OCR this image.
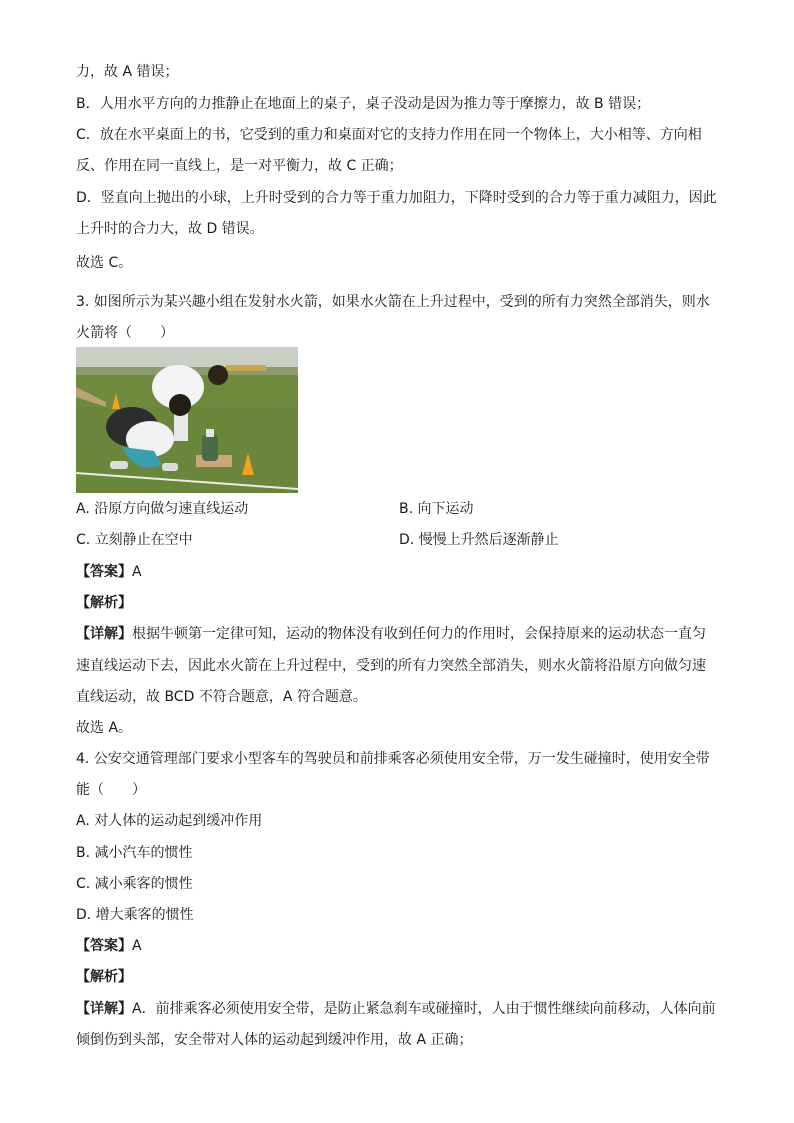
力，故 A 错误；
B．人用水平方向的力推静止在地面上的桌子，桌子没动是因为推力等于摩擦力，故 B 错误；
C．放在水平桌面上的书，它受到的重力和桌面对它的支持力作用在同一个物体上，大小相等、方向相
反、作用在同一直线上，是一对平衡力，故 C 正确；
D．竖直向上抛出的小球，上升时受到的合力等于重力加阻力，下降时受到的合力等于重力减阻力，因此
上升时的合力大，故 D 错误。
故选 C。
3. 如图所示为某兴趣小组在发射水火箭，如果水火箭在上升过程中，受到的所有力突然全部消失，则水
火箭将（　　）
A. 沿原方向做匀速直线运动	B. 向下运动
C. 立刻静止在空中	D. 慢慢上升然后逐渐静止
【答案】A
【解析】
【详解】根据牛顿第一定律可知，运动的物体没有收到任何力的作用时，会保持原来的运动状态一直匀
速直线运动下去，因此水火箭在上升过程中，受到的所有力突然全部消失，则水火箭将沿原方向做匀速
直线运动，故 BCD 不符合题意，A 符合题意。
故选 A。
4. 公安交通管理部门要求小型客车的驾驶员和前排乘客必须使用安全带，万一发生碰撞时，使用安全带
能（　　）
A. 对人体的运动起到缓冲作用
B. 减小汽车的惯性
C. 减小乘客的惯性
D. 增大乘客的惯性
【答案】A
【解析】
【详解】A．前排乘客必须使用安全带，是防止紧急刹车或碰撞时，人由于惯性继续向前移动，人体向前
倾倒伤到头部，安全带对人体的运动起到缓冲作用，故 A 正确；
